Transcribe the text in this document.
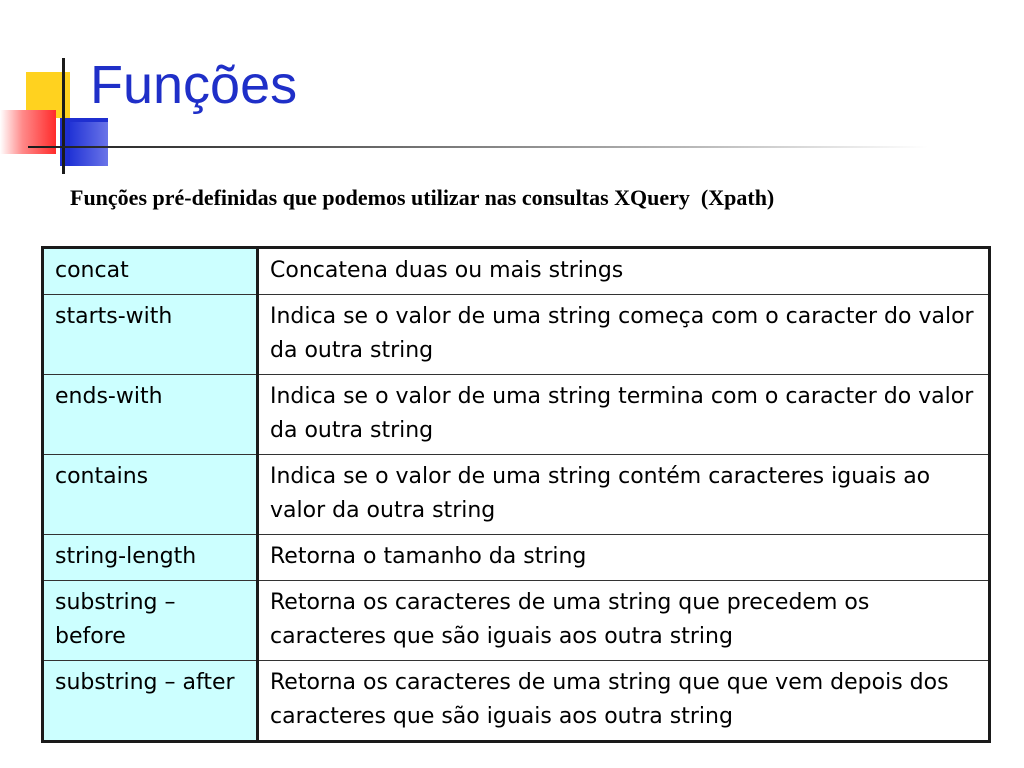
Funções

Funções pré-definidas que podemos utilizar nas consultas XQuery  (Xpath)

concat	Concatena duas ou mais strings
starts-with	Indica se o valor de uma string começa com o caracter do valor da outra string
ends-with	Indica se o valor de uma string termina com o caracter do valor da outra string
contains	Indica se o valor de uma string contém caracteres iguais ao valor da outra string
string-length	Retorna o tamanho da string
substring – before	Retorna os caracteres de uma string que precedem os caracteres que são iguais aos outra string
substring – after	Retorna os caracteres de uma string que que vem depois dos caracteres que são iguais aos outra string
